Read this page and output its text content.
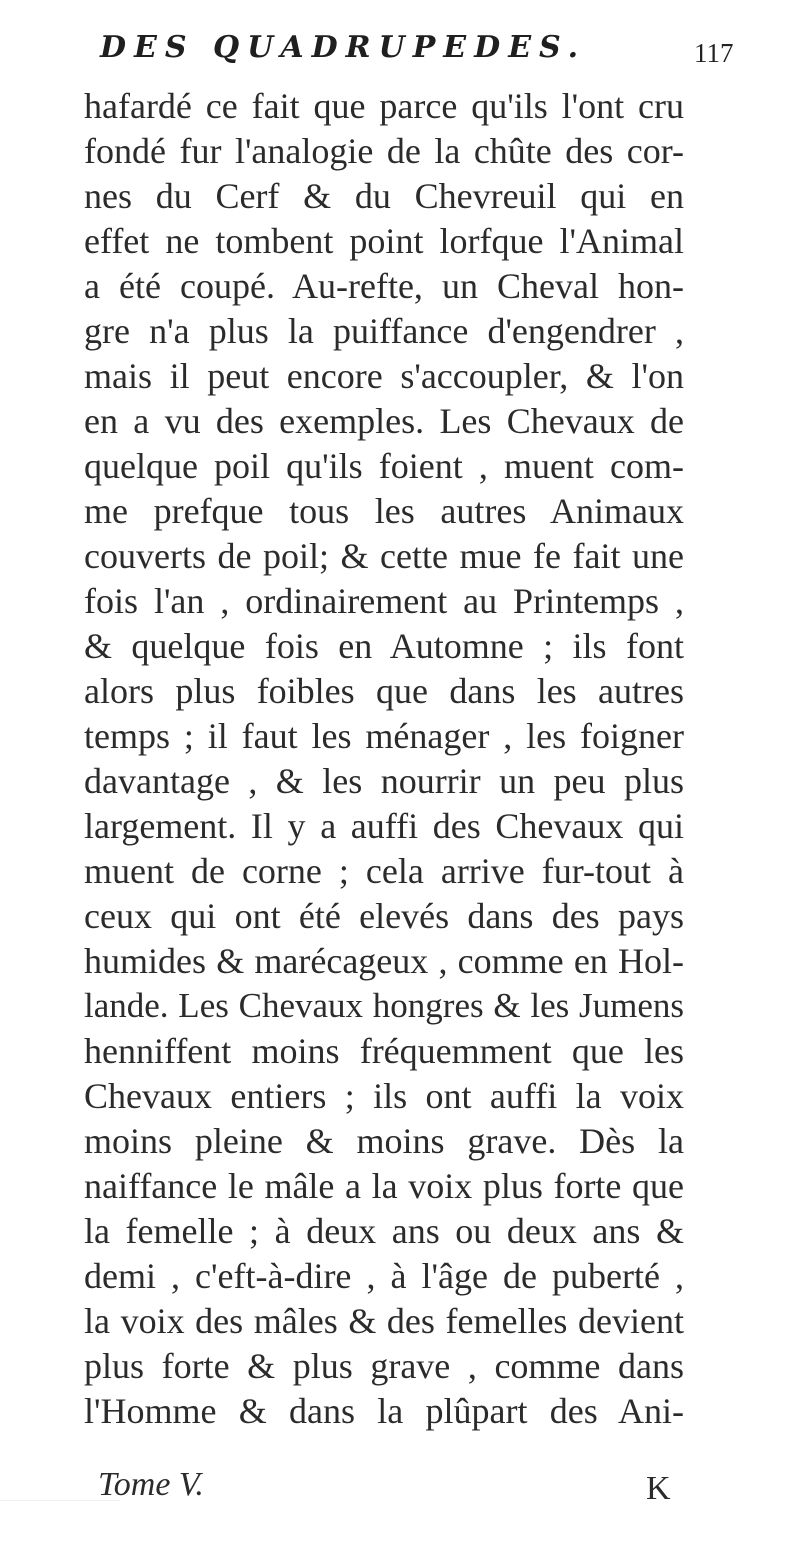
DES QUADRUPEDES.	117
hafardé ce fait que parce qu'ils l'ont cru
fondé fur l'analogie de la chûte des cor-
nes du Cerf & du Chevreuil qui en
effet ne tombent point lorfque l'Animal
a été coupé. Au-refte, un Cheval hon-
gre n'a plus la puiffance d'engendrer ,
mais il peut encore s'accoupler, & l'on
en a vu des exemples. Les Chevaux de
quelque poil qu'ils foient , muent com-
me prefque tous les autres Animaux
couverts de poil; & cette mue fe fait une
fois l'an , ordinairement au Printemps ,
& quelque fois en Automne ; ils font
alors plus foibles que dans les autres
temps ; il faut les ménager , les foigner
davantage , & les nourrir un peu plus
largement. Il y a auffi des Chevaux qui
muent de corne ; cela arrive fur-tout à
ceux qui ont été elevés dans des pays
humides & marécageux , comme en Hol-
lande. Les Chevaux hongres & les Jumens
henniffent moins fréquemment que les
Chevaux entiers ; ils ont auffi la voix
moins pleine & moins grave. Dès la
naiffance le mâle a la voix plus forte que
la femelle ; à deux ans ou deux ans &
demi , c'eft-à-dire , à l'âge de puberté ,
la voix des mâles & des femelles devient
plus forte & plus grave , comme dans
l'Homme & dans la plûpart des Ani-
Tome V.	K
